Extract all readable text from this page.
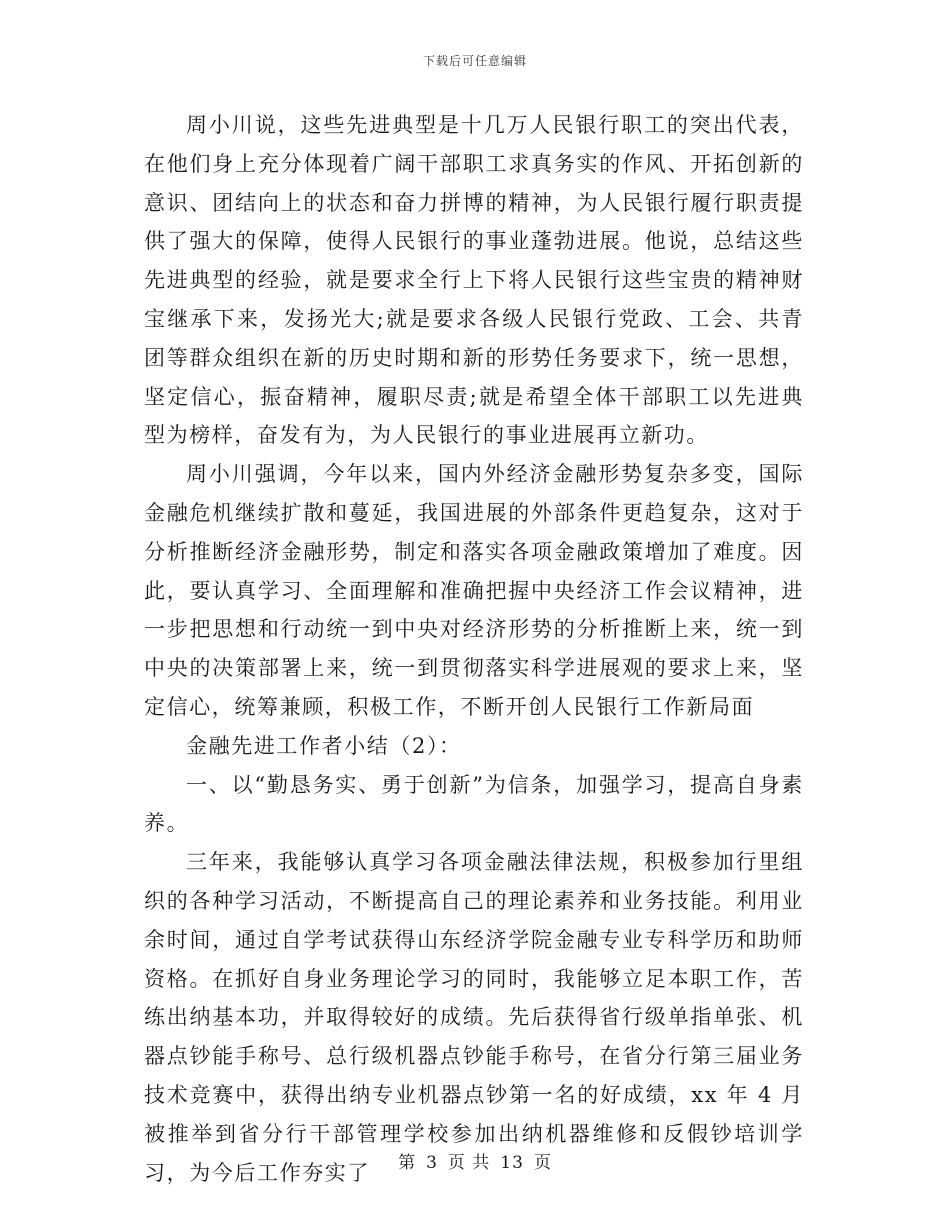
下载后可任意编辑

周小川说，这些先进典型是十几万人民银行职工的突出代表，在他们身上充分体现着广阔干部职工求真务实的作风、开拓创新的意识、团结向上的状态和奋力拼博的精神，为人民银行履行职责提供了强大的保障，使得人民银行的事业蓬勃进展。他说，总结这些先进典型的经验，就是要求全行上下将人民银行这些宝贵的精神财宝继承下来，发扬光大;就是要求各级人民银行党政、工会、共青团等群众组织在新的历史时期和新的形势任务要求下，统一思想，坚定信心，振奋精神，履职尽责;就是希望全体干部职工以先进典型为榜样，奋发有为，为人民银行的事业进展再立新功。

周小川强调，今年以来，国内外经济金融形势复杂多变，国际金融危机继续扩散和蔓延，我国进展的外部条件更趋复杂，这对于分析推断经济金融形势，制定和落实各项金融政策增加了难度。因此，要认真学习、全面理解和准确把握中央经济工作会议精神，进一步把思想和行动统一到中央对经济形势的分析推断上来，统一到中央的决策部署上来，统一到贯彻落实科学进展观的要求上来，坚定信心，统筹兼顾，积极工作，不断开创人民银行工作新局面

金融先进工作者小结（2）：

一、以“勤恳务实、勇于创新”为信条，加强学习，提高自身素养。

三年来，我能够认真学习各项金融法律法规，积极参加行里组织的各种学习活动，不断提高自己的理论素养和业务技能。利用业余时间，通过自学考试获得山东经济学院金融专业专科学历和助师资格。在抓好自身业务理论学习的同时，我能够立足本职工作，苦练出纳基本功，并取得较好的成绩。先后获得省行级单指单张、机器点钞能手称号、总行级机器点钞能手称号，在省分行第三届业务技术竞赛中，获得出纳专业机器点钞第一名的好成绩，xx 年 4 月被推举到省分行干部管理学校参加出纳机器维修和反假钞培训学习，为今后工作夯实了	第 3 页 共 13 页
